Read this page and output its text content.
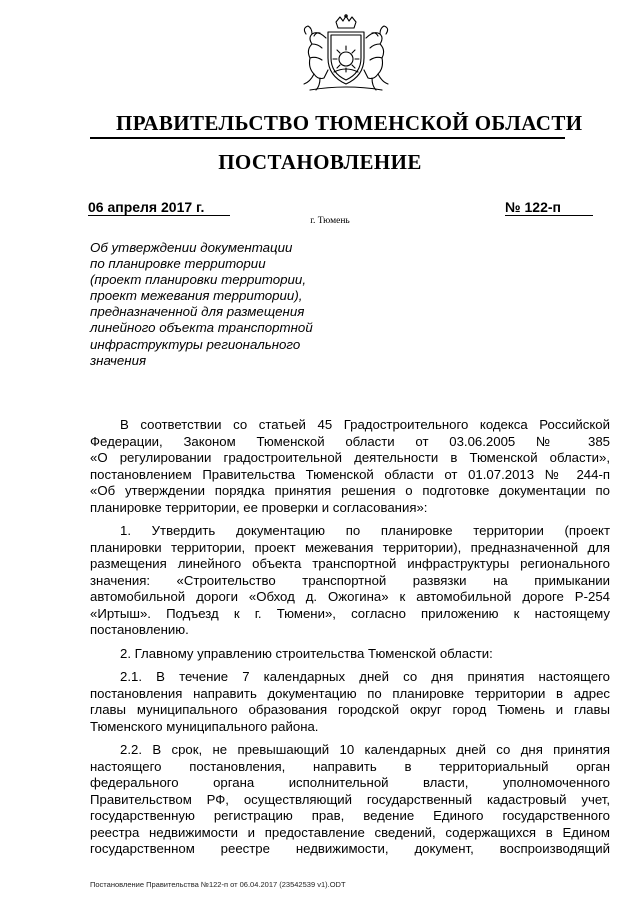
ПРАВИТЕЛЬСТВО ТЮМЕНСКОЙ ОБЛАСТИ
ПОСТАНОВЛЕНИЕ
06 апреля 2017 г.	№ 122-п
г. Тюмень
Об утверждении документации
по планировке территории
(проект планировки территории,
проект межевания территории),
предназначенной для размещения
линейного объекта транспортной
инфраструктуры регионального
значения
В соответствии со статьей 45 Градостроительного кодекса Российской
Федерации, Законом Тюменской области от 03.06.2005 № 385
«О регулировании градостроительной деятельности в Тюменской области»,
постановлением Правительства Тюменской области от 01.07.2013 № 244-п
«Об утверждении порядка принятия решения о подготовке документации по
планировке территории, ее проверки и согласования»:
1. Утвердить документацию по планировке территории (проект
планировки территории, проект межевания территории), предназначенной для
размещения линейного объекта транспортной инфраструктуры регионального
значения: «Строительство транспортной развязки на примыкании
автомобильной дороги «Обход д. Ожогина» к автомобильной дороге Р-254
«Иртыш». Подъезд к г. Тюмени», согласно приложению к настоящему
постановлению.
2. Главному управлению строительства Тюменской области:
2.1. В течение 7 календарных дней со дня принятия настоящего
постановления направить документацию по планировке территории в адрес
главы муниципального образования городской округ город Тюмень и главы
Тюменского муниципального района.
2.2. В срок, не превышающий 10 календарных дней со дня принятия
настоящего постановления, направить в территориальный орган
федерального органа исполнительной власти, уполномоченного
Правительством РФ, осуществляющий государственный кадастровый учет,
государственную регистрацию прав, ведение Единого государственного
реестра недвижимости и предоставление сведений, содержащихся в Едином
государственном реестре недвижимости, документ, воспроизводящий
Постановление Правительства №122-п от 06.04.2017 (23542539 v1).ODT
